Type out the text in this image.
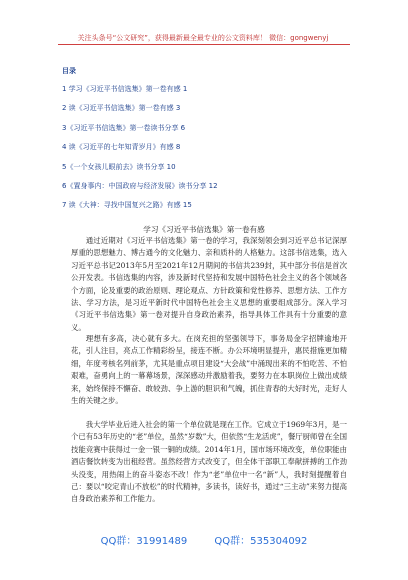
关注头条号“公文研究”，获得最新最全最专业的公文资料库！ 微信：gongwenyj
目录
1 学习《习近平书信选集》第一卷有感 1
2 读《习近平书信选集》第一卷有感 3
3《习近平书信选集》第一卷读书分享 6
4 读《习近平的七年知青岁月》有感 8
5《一个女孩儿眼前去》读书分享 10
6《置身事内：中国政府与经济发展》读书分享 12
7 读《大神：寻找中国复兴之路》有感 15
学习《习近平书信选集》第一卷有感

通过近期对《习近平书信选集》第一卷的学习，我深刻领会到习近平总书记深厚厚重的思想魅力、博古通今的文化魅力、亲和质朴的人格魅力。这部书信选集，选入习近平总书记2013年5月至2021年12月期间的书信共239封，其中部分书信是首次公开发表。书信选集的内容，涉及新时代坚持和发展中国特色社会主义的各个领域各个方面，论及重要的政治原则、理论观点、方针政策和党性修养、思想方法、工作方法、学习方法，是习近平新时代中国特色社会主义思想的重要组成部分。深入学习《习近平书信选集》第一卷对提升自身政治素养，指导具体工作具有十分重要的意义。

理想有多高，决心就有多大。在岗充担的坚强领导下，事务局金字招牌逾地开花，引人注目，亮点工作精彩纷呈，接连不断。办公环境明显提升，惠民措施更加精细，年度考核名列前茅，尤其是重点项目建设“大会战”中涌现出来的不怕吃苦、不怕艰难，奋勇向上的一幕幕场景，深深感动并激励着我，要努力在本职岗位上做出成绩来，始终保持不懈奋、敢较劲、争上游的胆识和气魄，抓住青春的大好时光，走好人生的关键之步。

我大学毕业后进入社会的第一个单位就是现在工作。它成立于1969年3月，是一个已有53年历史的“老”单位，虽然“岁数”大，但依然“生龙活虎”，餐厅厨师曾在全国技能竞赛中获得过一金一银一铜的成绩。2014年1月，国市场环境改变，单位职能由酒店餐饮转变为出租经营。虽然经营方式改变了，但全体干部职工奉献拼搏的工作劲头没变，用热闹上的奋斗姿态不改！作为“老”单位中一名“新”人，我时刻提醒着自己：要以“咬定青山不放松”的时代精神，多读书，读好书，通过“三主动”来努力提高自身政治素养和工作能力。

QQ群：31991489	QQ群：535304092
